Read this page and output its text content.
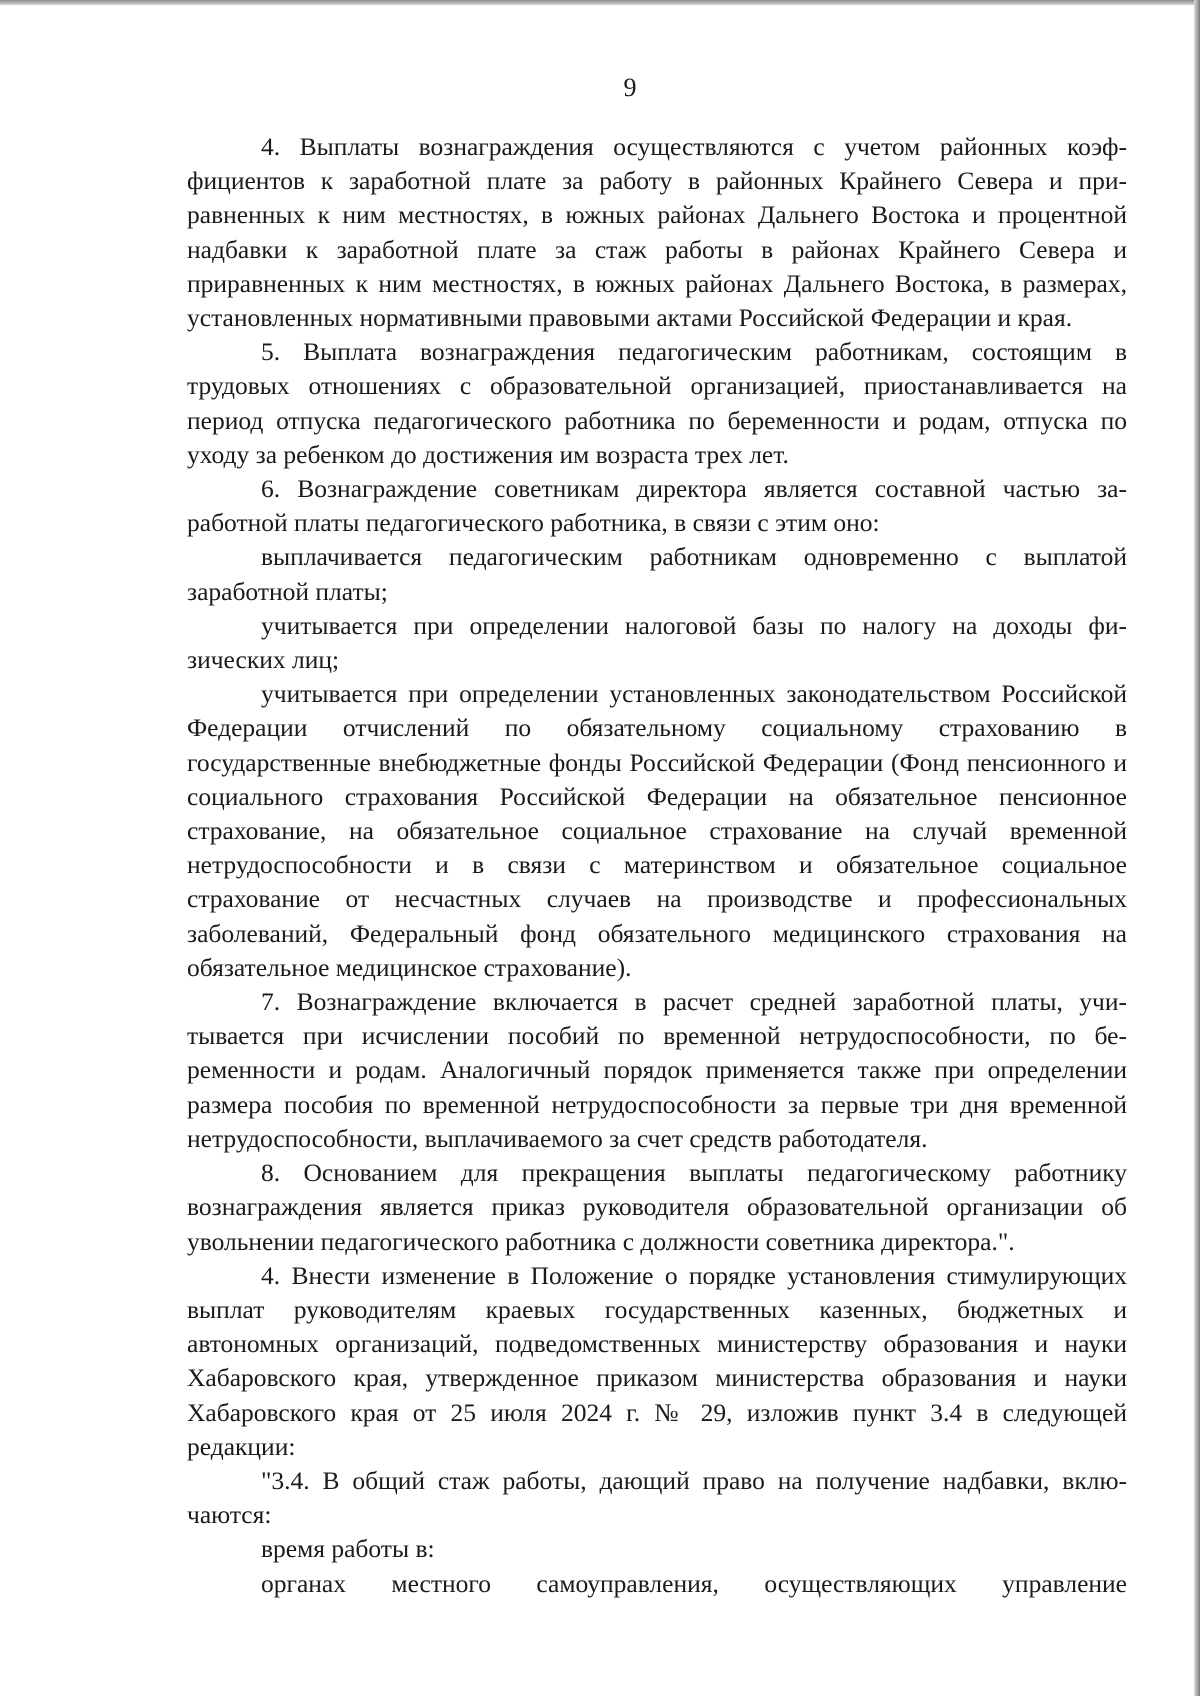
9

4. Выплаты вознаграждения осуществляются с учетом районных коэффициентов к заработной плате за работу в районных Крайнего Севера и приравненных к ним местностях, в южных районах Дальнего Востока и процентной надбавки к заработной плате за стаж работы в районах Крайнего Севера и приравненных к ним местностях, в южных районах Дальнего Востока, в размерах, установленных нормативными правовыми актами Российской Федерации и края.

5. Выплата вознаграждения педагогическим работникам, состоящим в трудовых отношениях с образовательной организацией, приостанавливается на период отпуска педагогического работника по беременности и родам, отпуска по уходу за ребенком до достижения им возраста трех лет.

6. Вознаграждение советникам директора является составной частью заработной платы педагогического работника, в связи с этим оно:

выплачивается педагогическим работникам одновременно с выплатой заработной платы;

учитывается при определении налоговой базы по налогу на доходы физических лиц;

учитывается при определении установленных законодательством Российской Федерации отчислений по обязательному социальному страхованию в государственные внебюджетные фонды Российской Федерации (Фонд пенсионного и социального страхования Российской Федерации на обязательное пенсионное страхование, на обязательное социальное страхование на случай временной нетрудоспособности и в связи с материнством и обязательное социальное страхование от несчастных случаев на производстве и профессиональных заболеваний, Федеральный фонд обязательного медицинского страхования на обязательное медицинское страхование).

7. Вознаграждение включается в расчет средней заработной платы, учитывается при исчислении пособий по временной нетрудоспособности, по беременности и родам. Аналогичный порядок применяется также при определении размера пособия по временной нетрудоспособности за первые три дня временной нетрудоспособности, выплачиваемого за счет средств работодателя.

8. Основанием для прекращения выплаты педагогическому работнику вознаграждения является приказ руководителя образовательной организации об увольнении педагогического работника с должности советника директора.".

4. Внести изменение в Положение о порядке установления стимулирующих выплат руководителям краевых государственных казенных, бюджетных и автономных организаций, подведомственных министерству образования и науки Хабаровского края, утвержденное приказом министерства образования и науки Хабаровского края от 25 июля 2024 г. № 29, изложив пункт 3.4 в следующей редакции:

"3.4. В общий стаж работы, дающий право на получение надбавки, включаются:

время работы в:

органах местного самоуправления, осуществляющих управление
